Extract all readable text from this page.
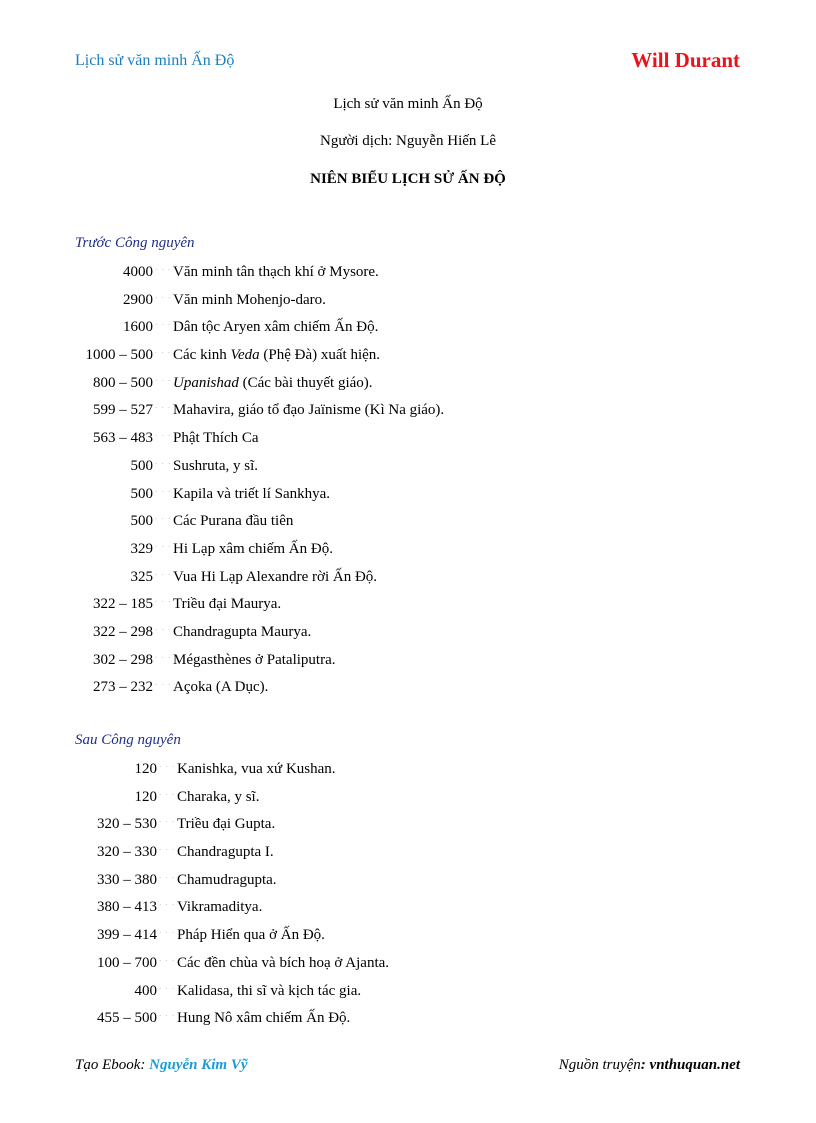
Lịch sử văn minh Ấn Độ	Will Durant
Lịch sử văn minh Ấn Độ
Người dịch: Nguyễn Hiến Lê
NIÊN BIỂU LỊCH SỬ ẤN ĐỘ
Trước Công nguyên
4000 . . . Văn minh tân thạch khí ở Mysore.
2900 . . . Văn minh Mohenjo-daro.
1600 . . . Dân tộc Aryen xâm chiếm Ấn Độ.
1000 – 500 . . . Các kinh Veda (Phệ Đà) xuất hiện.
800 – 500 . . . Upanishad (Các bài thuyết giáo).
599 – 527 . . . Mahavira, giáo tổ đạo Jaïnisme (Kì Na giáo).
563 – 483 . . . Phật Thích Ca
500 . . . Sushruta, y sĩ.
500 . . . Kapila và triết lí Sankhya.
500 . . . Các Purana đầu tiên
329 . . . Hi Lạp xâm chiếm Ấn Độ.
325 . . . Vua Hi Lạp Alexandre rời Ấn Độ.
322 – 185 . . . Triều đại Maurya.
322 – 298 . . . Chandragupta Maurya.
302 – 298 . . . Mégasthènes ở Pataliputra.
273 – 232 . . . Açoka (A Dục).
Sau Công nguyên
120 . . . Kanishka, vua xứ Kushan.
120 . . . Charaka, y sĩ.
320 – 530 . . . Triều đại Gupta.
320 – 330 . . . Chandragupta I.
330 – 380 . . . Chamudragupta.
380 – 413 . . . Vikramaditya.
399 – 414 . . . Pháp Hiển qua ở Ấn Độ.
100 – 700 . . . Các đền chùa và bích hoạ ở Ajanta.
400 . . . Kalidasa, thi sĩ và kịch tác gia.
455 – 500 . . . Hung Nô xâm chiếm Ấn Độ.
Tạo Ebook: Nguyễn Kim Vỹ	Nguồn truyện: vnthuquan.net
